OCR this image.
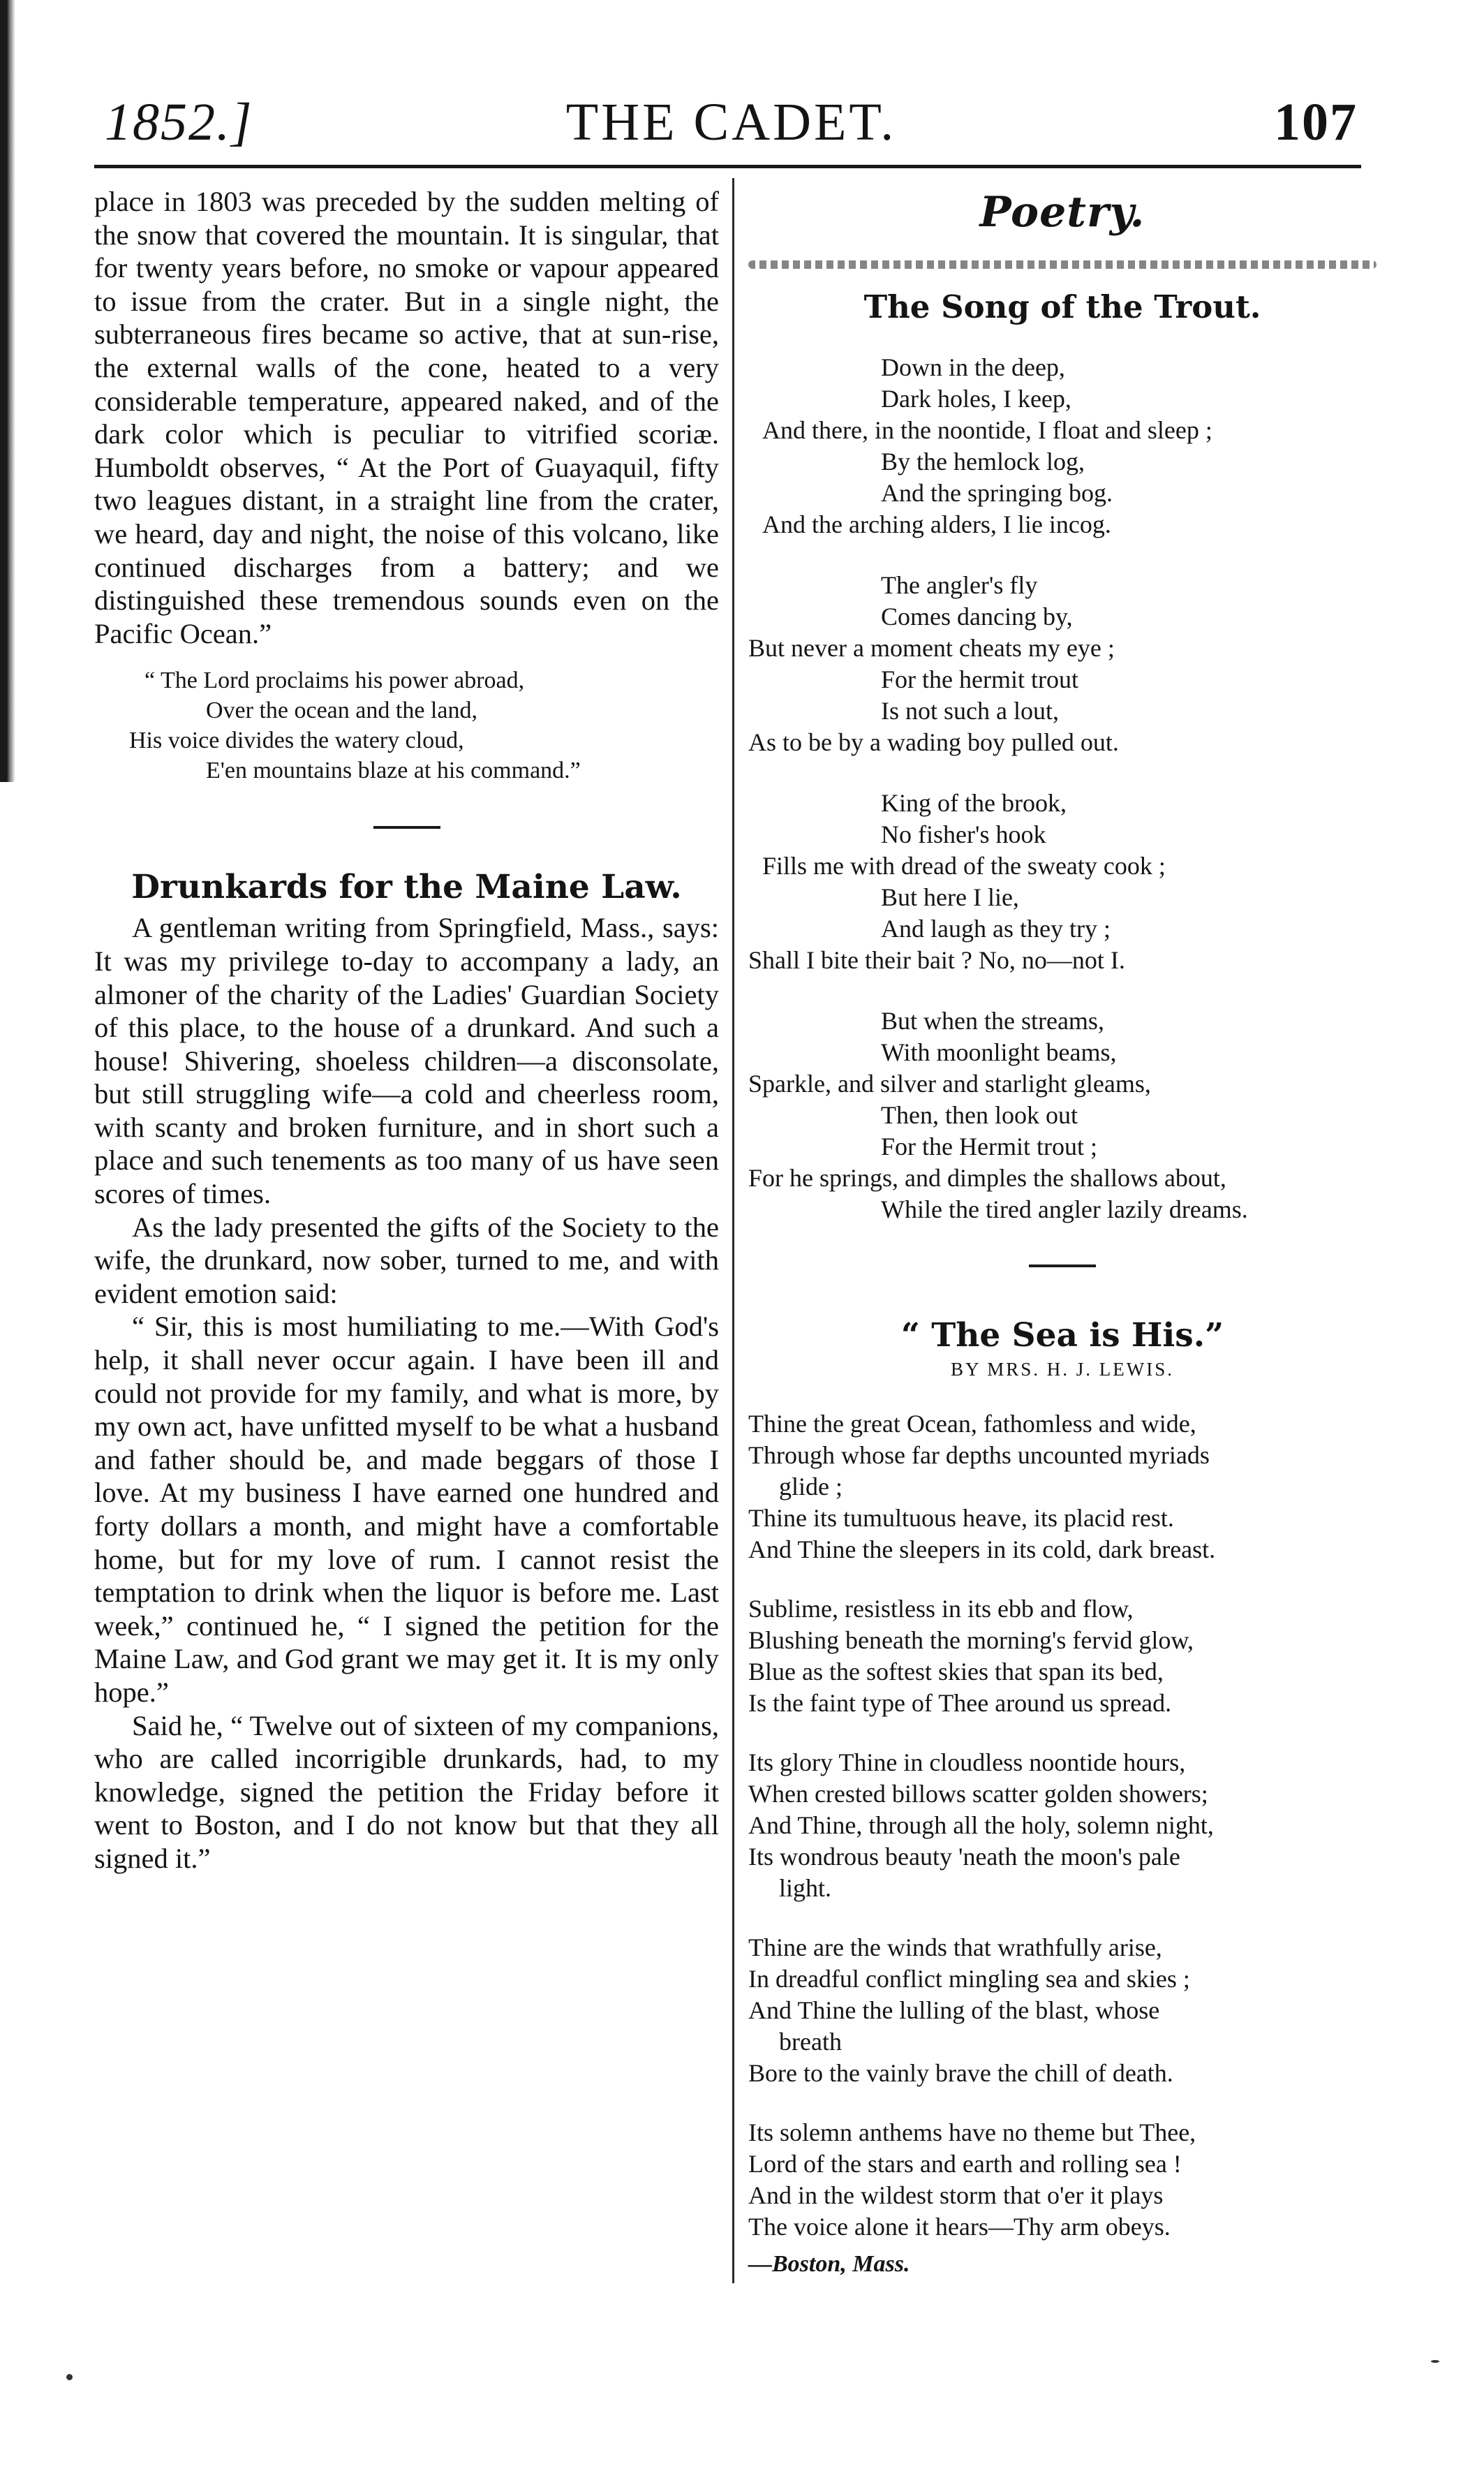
1852.]	THE CADET.	107

place in 1803 was preceded by the sudden melting of the snow that covered the mountain. It is singular, that for twenty years before, no smoke or vapour appeared to issue from the crater. But in a single night, the subterraneous fires became so active, that at sun-rise, the external walls of the cone, heated to a very considerable temperature, appeared naked, and of the dark color which is peculiar to vitrified scoriæ. Humboldt observes, “ At the Port of Guayaquil, fifty two leagues distant, in a straight line from the crater, we heard, day and night, the noise of this volcano, like continued discharges from a battery; and we distinguished these tremendous sounds even on the Pacific Ocean.”

“ The Lord proclaims his power abroad,
Over the ocean and the land,
His voice divides the watery cloud,
E'en mountains blaze at his command.”
Drunkards for the Maine Law.

A gentleman writing from Springfield, Mass., says: It was my privilege to-day to accompany a lady, an almoner of the charity of the Ladies' Guardian Society of this place, to the house of a drunkard. And such a house! Shivering, shoeless children—a disconsolate, but still struggling wife—a cold and cheerless room, with scanty and broken furniture, and in short such a place and such tenements as too many of us have seen scores of times.

As the lady presented the gifts of the Society to the wife, the drunkard, now sober, turned to me, and with evident emotion said:

“ Sir, this is most humiliating to me.—With God's help, it shall never occur again. I have been ill and could not provide for my family, and what is more, by my own act, have unfitted myself to be what a husband and father should be, and made beggars of those I love. At my business I have earned one hundred and forty dollars a month, and might have a comfortable home, but for my love of rum. I cannot resist the temptation to drink when the liquor is before me. Last week,” continued he, “ I signed the petition for the Maine Law, and God grant we may get it. It is my only hope.”

Said he, “ Twelve out of sixteen of my companions, who are called incorrigible drunkards, had, to my knowledge, signed the petition the Friday before it went to Boston, and I do not know but that they all signed it.”

Poetry.
The Song of the Trout.
Down in the deep,
Dark holes, I keep,
And there, in the noontide, I float and sleep ;
By the hemlock log,
And the springing bog.
And the arching alders, I lie incog.
The angler's fly
Comes dancing by,
But never a moment cheats my eye ;
For the hermit trout
Is not such a lout,
As to be by a wading boy pulled out.
King of the brook,
No fisher's hook
Fills me with dread of the sweaty cook ;
But here I lie,
And laugh as they try ;
Shall I bite their bait ? No, no—not I.
But when the streams,
With moonlight beams,
Sparkle, and silver and starlight gleams,
Then, then look out
For the Hermit trout ;
For he springs, and dimples the shallows about,
While the tired angler lazily dreams.
“ The Sea is His.”
BY MRS. H. J. LEWIS.
Thine the great Ocean, fathomless and wide,
Through whose far depths uncounted myriads
glide ;
Thine its tumultuous heave, its placid rest.
And Thine the sleepers in its cold, dark breast.
Sublime, resistless in its ebb and flow,
Blushing beneath the morning's fervid glow,
Blue as the softest skies that span its bed,
Is the faint type of Thee around us spread.
Its glory Thine in cloudless noontide hours,
When crested billows scatter golden showers;
And Thine, through all the holy, solemn night,
Its wondrous beauty 'neath the moon's pale
light.
Thine are the winds that wrathfully arise,
In dreadful conflict mingling sea and skies ;
And Thine the lulling of the blast, whose
breath
Bore to the vainly brave the chill of death.
Its solemn anthems have no theme but Thee,
Lord of the stars and earth and rolling sea !
And in the wildest storm that o'er it plays
The voice alone it hears—Thy arm obeys.
—Boston, Mass.
